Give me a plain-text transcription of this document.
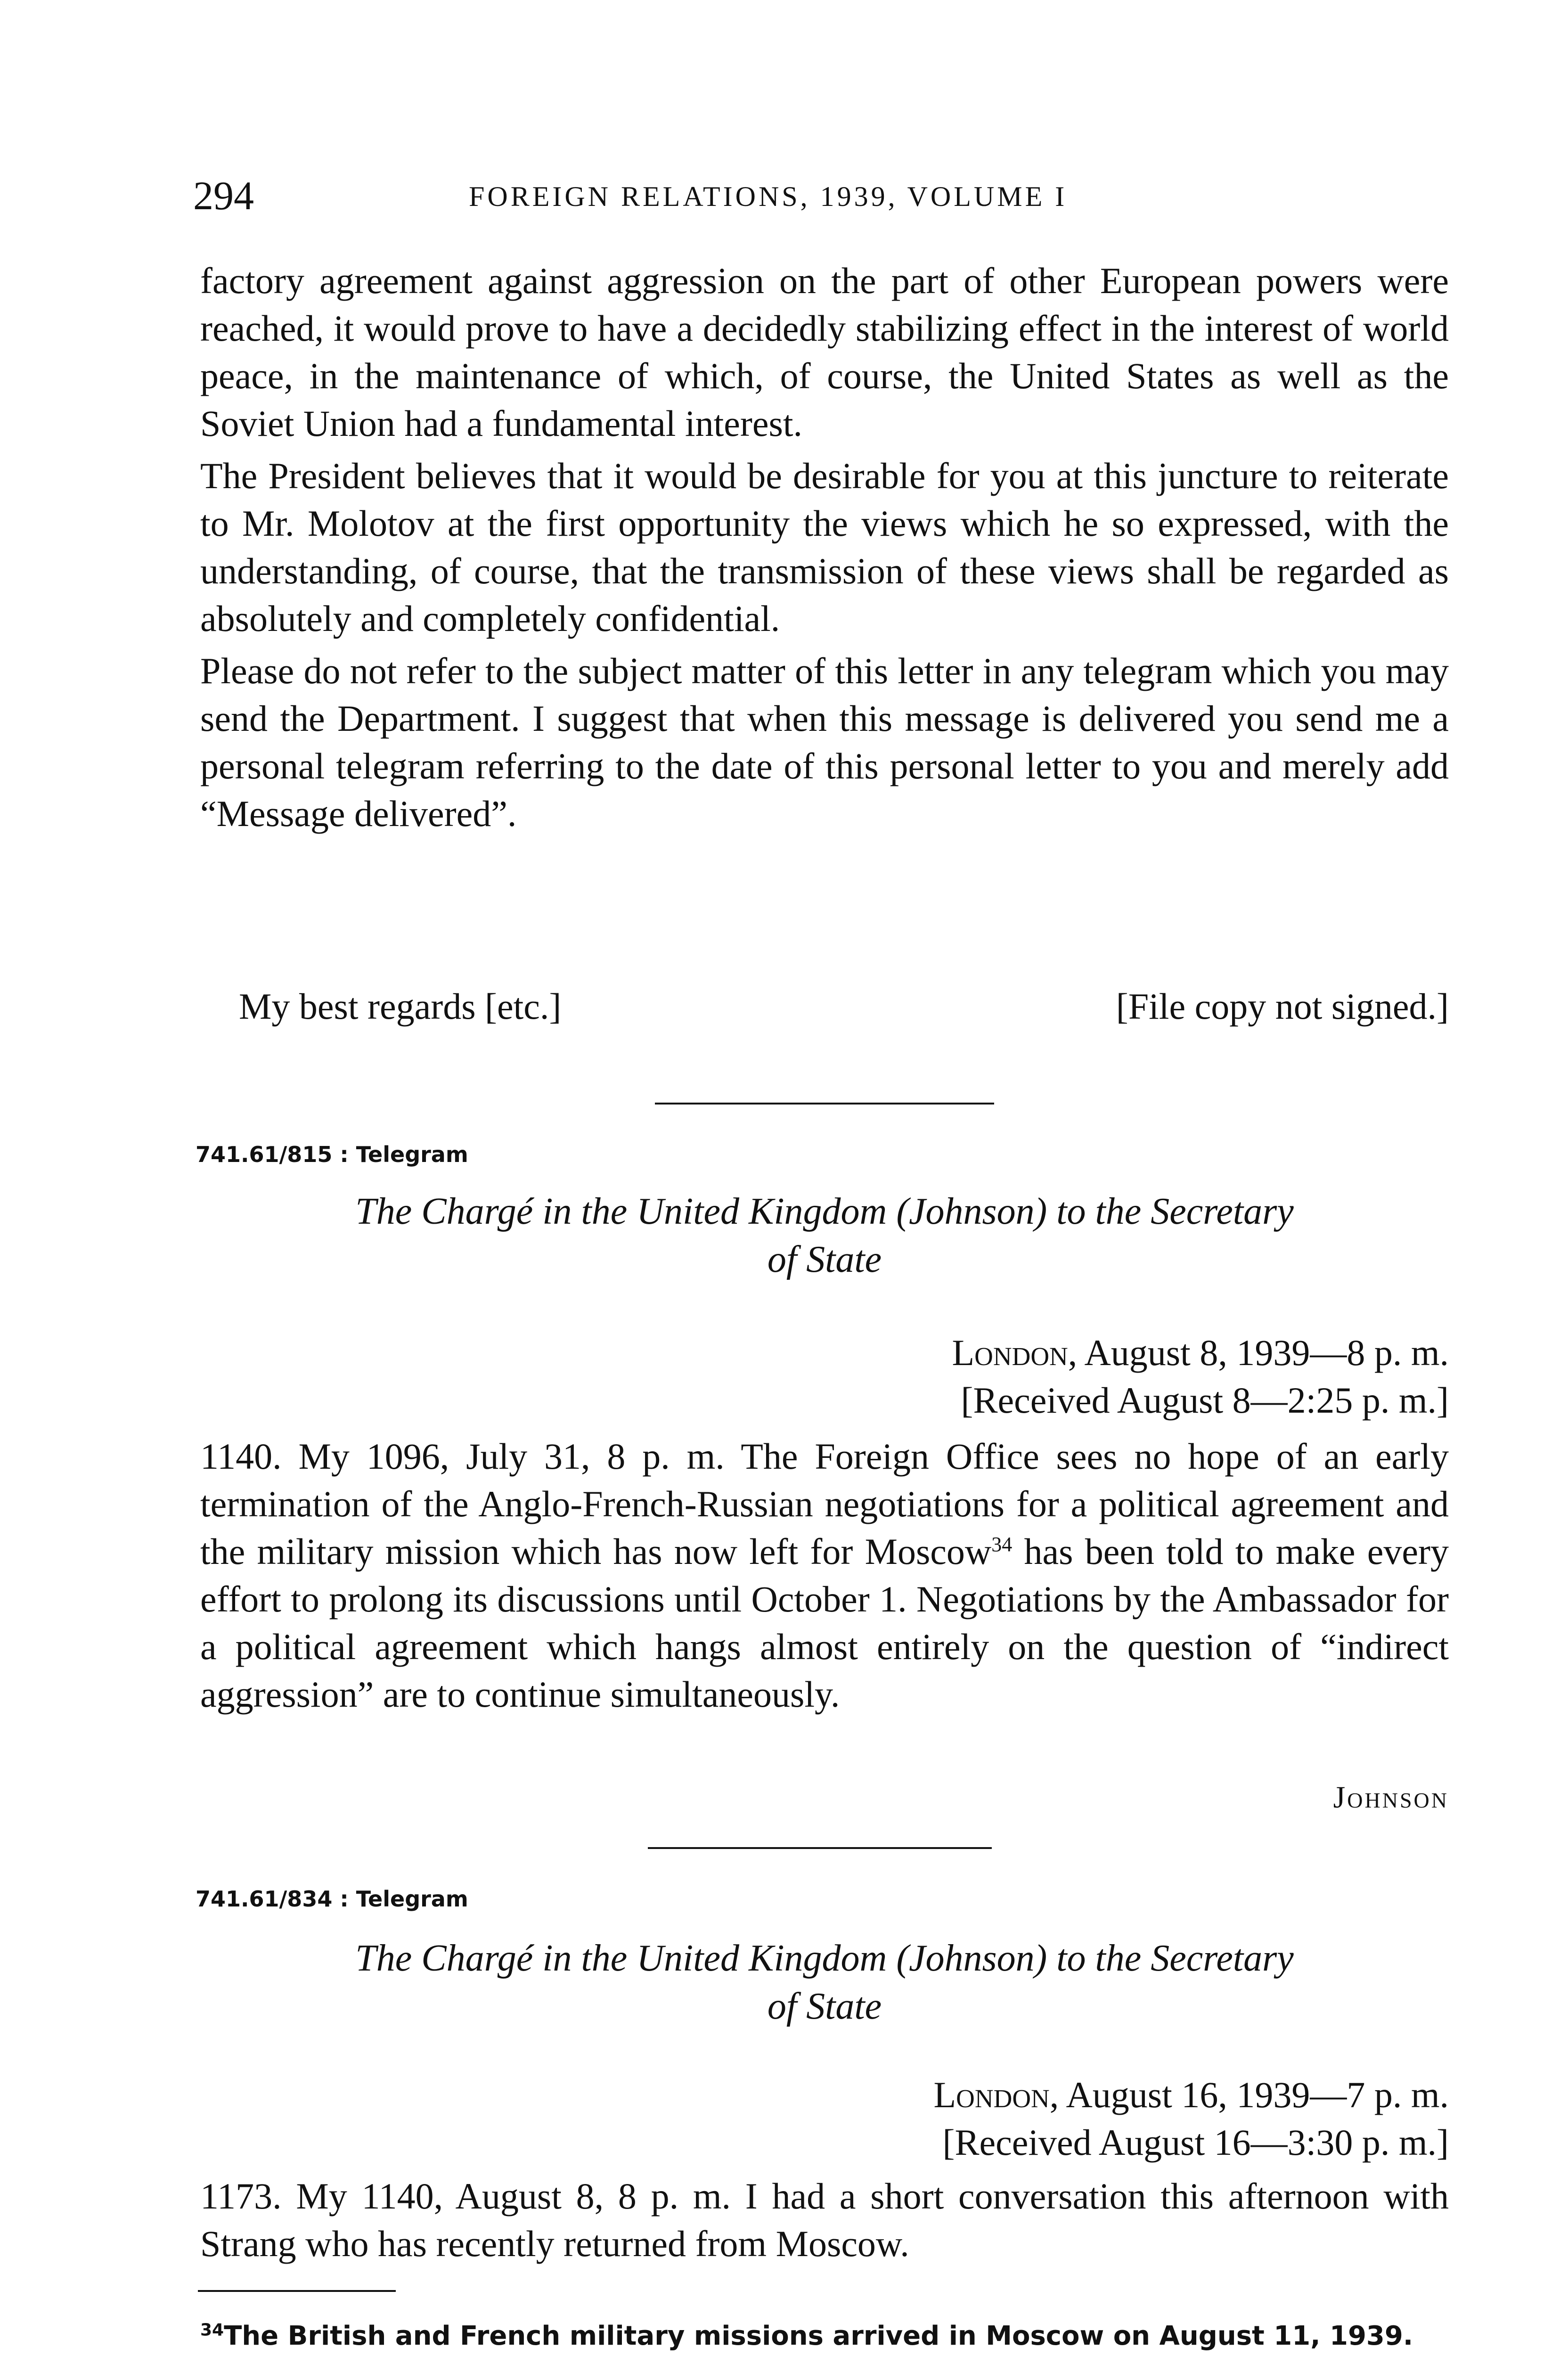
294	FOREIGN RELATIONS, 1939, VOLUME I

factory agreement against aggression on the part of other European powers were reached, it would prove to have a decidedly stabilizing effect in the interest of world peace, in the maintenance of which, of course, the United States as well as the Soviet Union had a fundamental interest.

The President believes that it would be desirable for you at this juncture to reiterate to Mr. Molotov at the first opportunity the views which he so expressed, with the understanding, of course, that the transmission of these views shall be regarded as absolutely and completely confidential.

Please do not refer to the subject matter of this letter in any telegram which you may send the Department. I suggest that when this message is delivered you send me a personal telegram referring to the date of this personal letter to you and merely add “Message delivered”.

My best regards [etc.]	[File copy not signed.]
741.61/815 : Telegram
The Chargé in the United Kingdom (Johnson) to the Secretary
of State
London, August 8, 1939—8 p. m.
[Received August 8—2:25 p. m.]

1140. My 1096, July 31, 8 p. m. The Foreign Office sees no hope of an early termination of the Anglo-French-Russian negotiations for a political agreement and the military mission which has now left for Moscow$^{34}$ has been told to make every effort to prolong its discussions until October 1. Negotiations by the Ambassador for a political agreement which hangs almost entirely on the question of “indirect aggression” are to continue simultaneously.

Johnson
741.61/834 : Telegram
The Chargé in the United Kingdom (Johnson) to the Secretary
of State
London, August 16, 1939—7 p. m.
[Received August 16—3:30 p. m.]

1173. My 1140, August 8, 8 p. m. I had a short conversation this afternoon with Strang who has recently returned from Moscow.

$^{34}$The British and French military missions arrived in Moscow on August 11, 1939.
